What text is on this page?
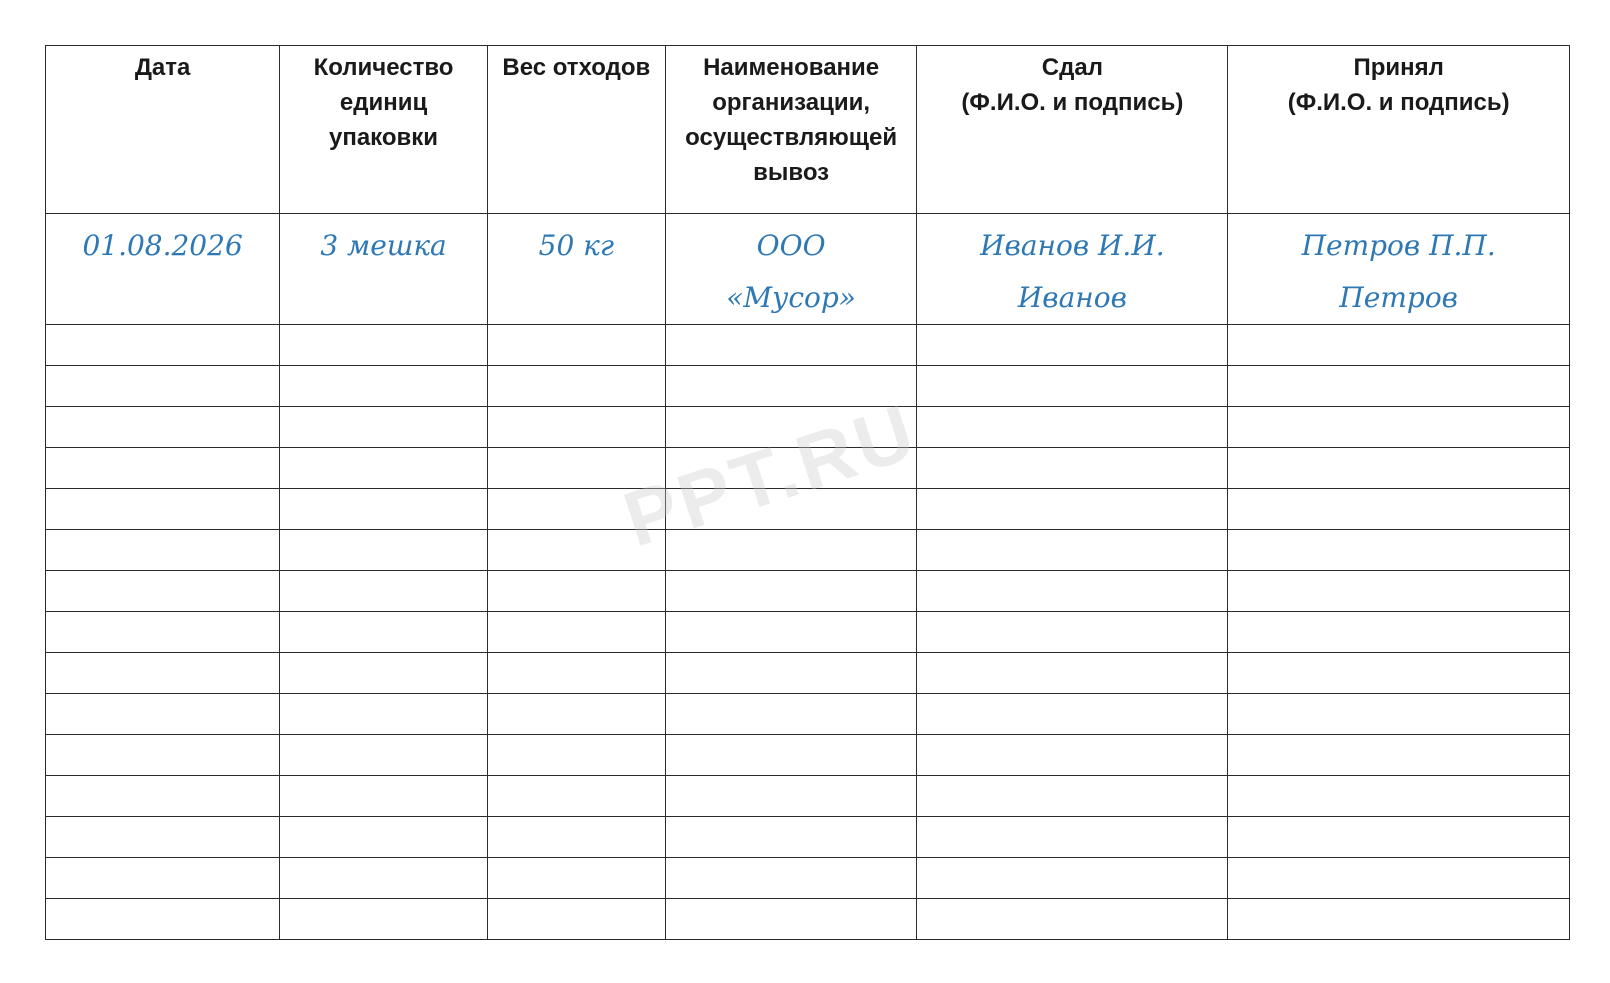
Дата	Количество
единиц
упаковки	Вес отходов	Наименование
организации,
осуществляющей
вывоз	Сдал
(Ф.И.О. и подпись)	Принял
(Ф.И.О. и подпись)
01.08.2026	3 мешка	50 кг	ООО
«Мусор»	Иванов И.И.
Иванов	Петров П.П.
Петров

PPT.RU
